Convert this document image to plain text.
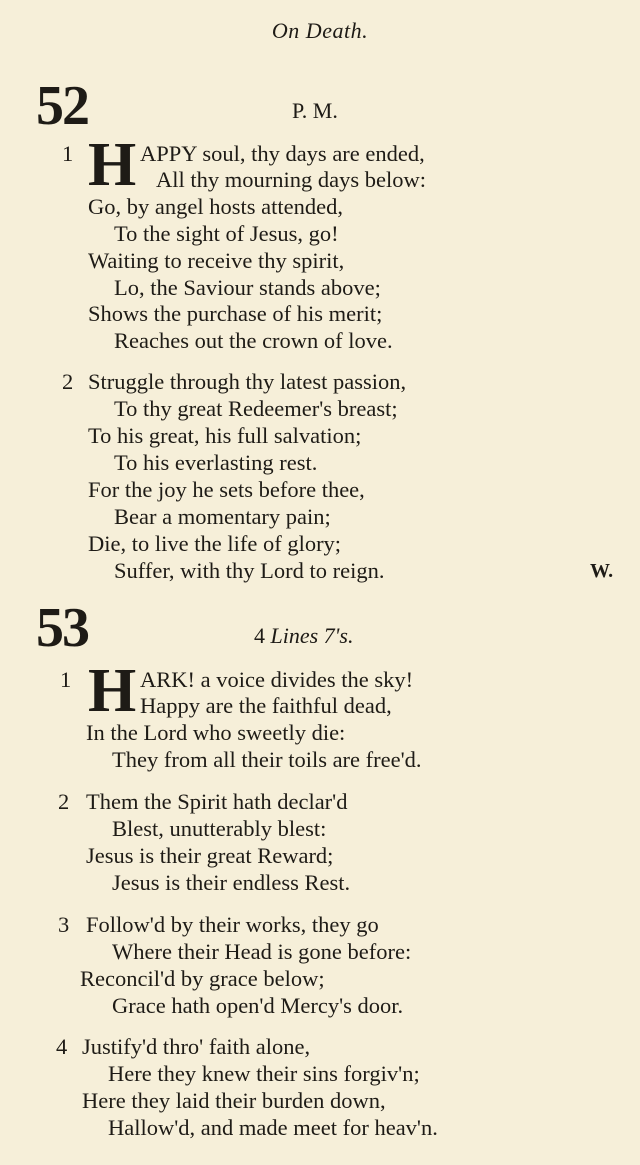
On Death.
52	P. M.
1 H APPY soul, thy days are ended,
All thy mourning days below:
Go, by angel hosts attended,
To the sight of Jesus, go!
Waiting to receive thy spirit,
Lo, the Saviour stands above;
Shows the purchase of his merit;
Reaches out the crown of love.
2 Struggle through thy latest passion,
To thy great Redeemer's breast;
To his great, his full salvation;
To his everlasting rest.
For the joy he sets before thee,
Bear a momentary pain;
Die, to live the life of glory;
Suffer, with thy Lord to reign.	W.
53	4 Lines 7's.
1 H ARK! a voice divides the sky!
Happy are the faithful dead,
In the Lord who sweetly die:
They from all their toils are free'd.
2 Them the Spirit hath declar'd
Blest, unutterably blest:
Jesus is their great Reward;
Jesus is their endless Rest.
3 Follow'd by their works, they go
Where their Head is gone before:
Reconcil'd by grace below;
Grace hath open'd Mercy's door.
4 Justify'd thro' faith alone,
Here they knew their sins forgiv'n;
Here they laid their burden down,
Hallow'd, and made meet for heav'n.
